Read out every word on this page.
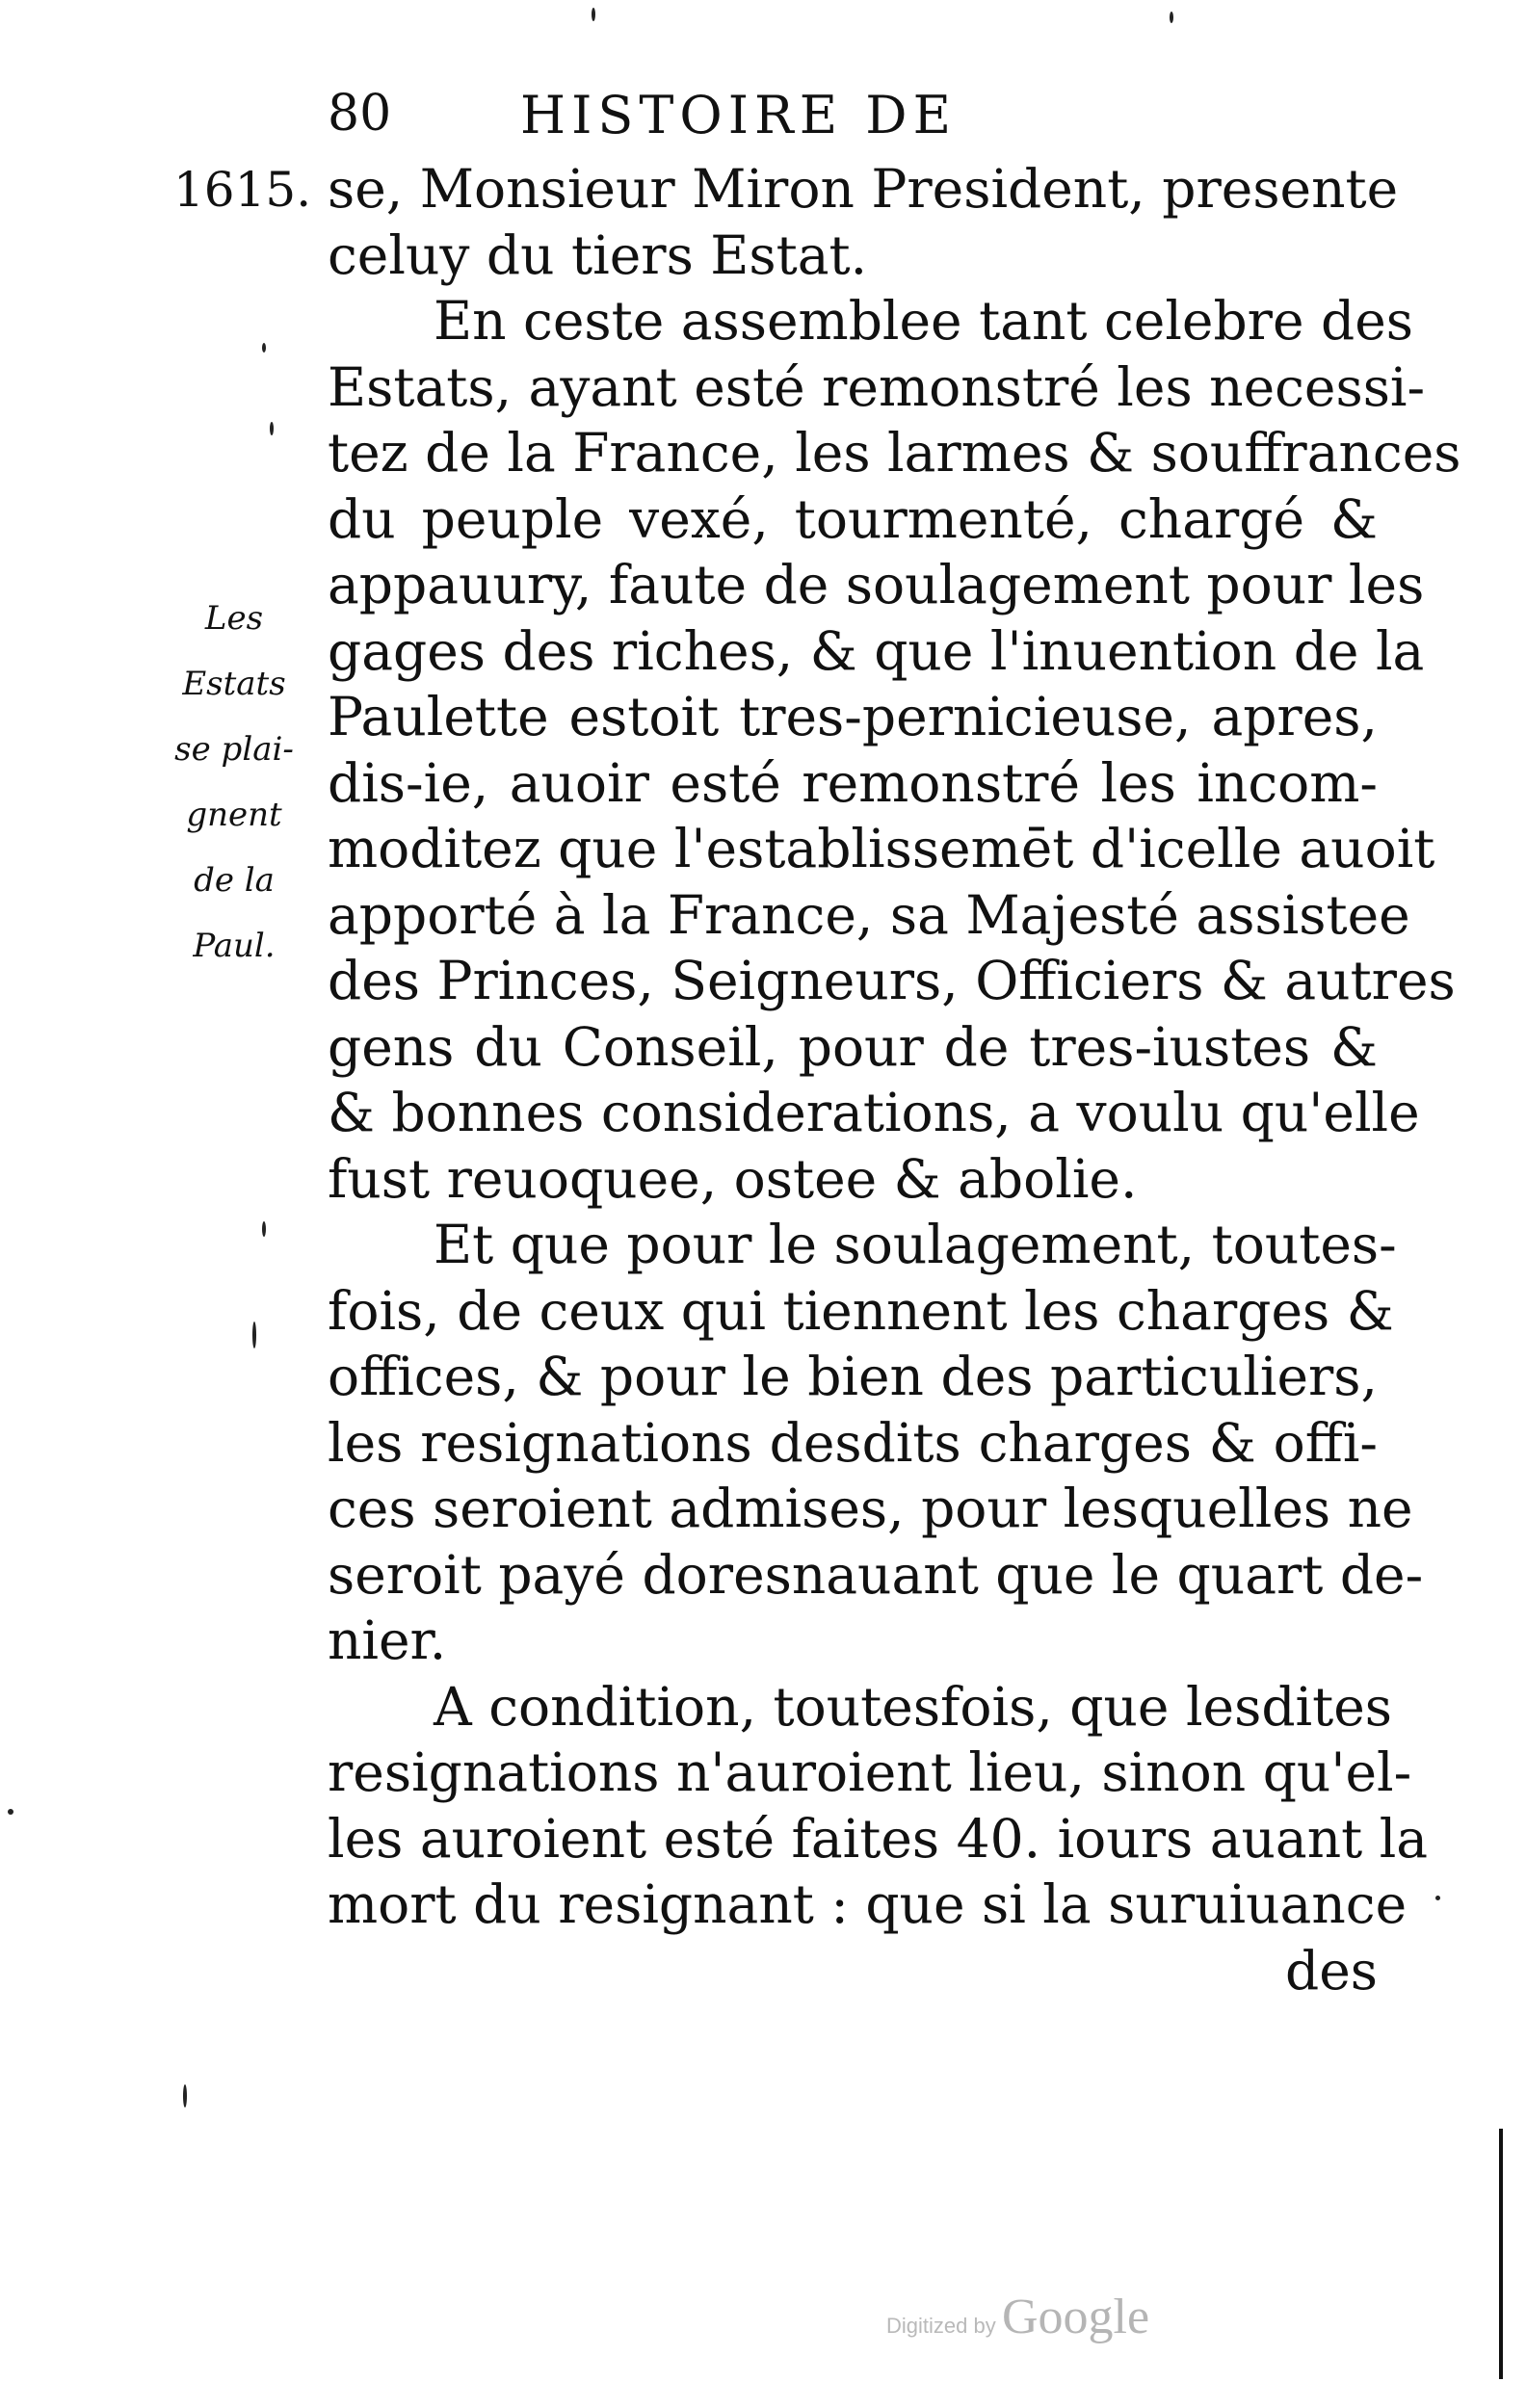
80 HISTOIRE DE
1615.
Les
Estats
se plai-
gnent
de la
Paul.
se, Monsieur Miron President, presente
celuy du tiers Estat.
En ceste assemblee tant celebre des
Estats, ayant esté remonstré les necessi-
tez de la France, les larmes & souffrances
du peuple vexé, tourmenté, chargé &
appauury, faute de soulagement pour les
gages des riches, & que l'inuention de la
Paulette estoit tres-pernicieuse, apres,
dis-ie, auoir esté remonstré les incom-
moditez que l'establissemēt d'icelle auoit
apporté à la France, sa Majesté assistee
des Princes, Seigneurs, Officiers & autres
gens du Conseil, pour de tres-iustes &
& bonnes considerations, a voulu qu'elle
fust reuoquee, ostee & abolie.
Et que pour le soulagement, toutes-
fois, de ceux qui tiennent les charges &
offices, & pour le bien des particuliers,
les resignations desdits charges & offi-
ces seroient admises, pour lesquelles ne
seroit payé doresnauant que le quart de-
nier.
A condition, toutesfois, que lesdites
resignations n'auroient lieu, sinon qu'el-
les auroient esté faites 40. iours auant la
mort du resignant : que si la suruiuance
des
Digitized by Google
